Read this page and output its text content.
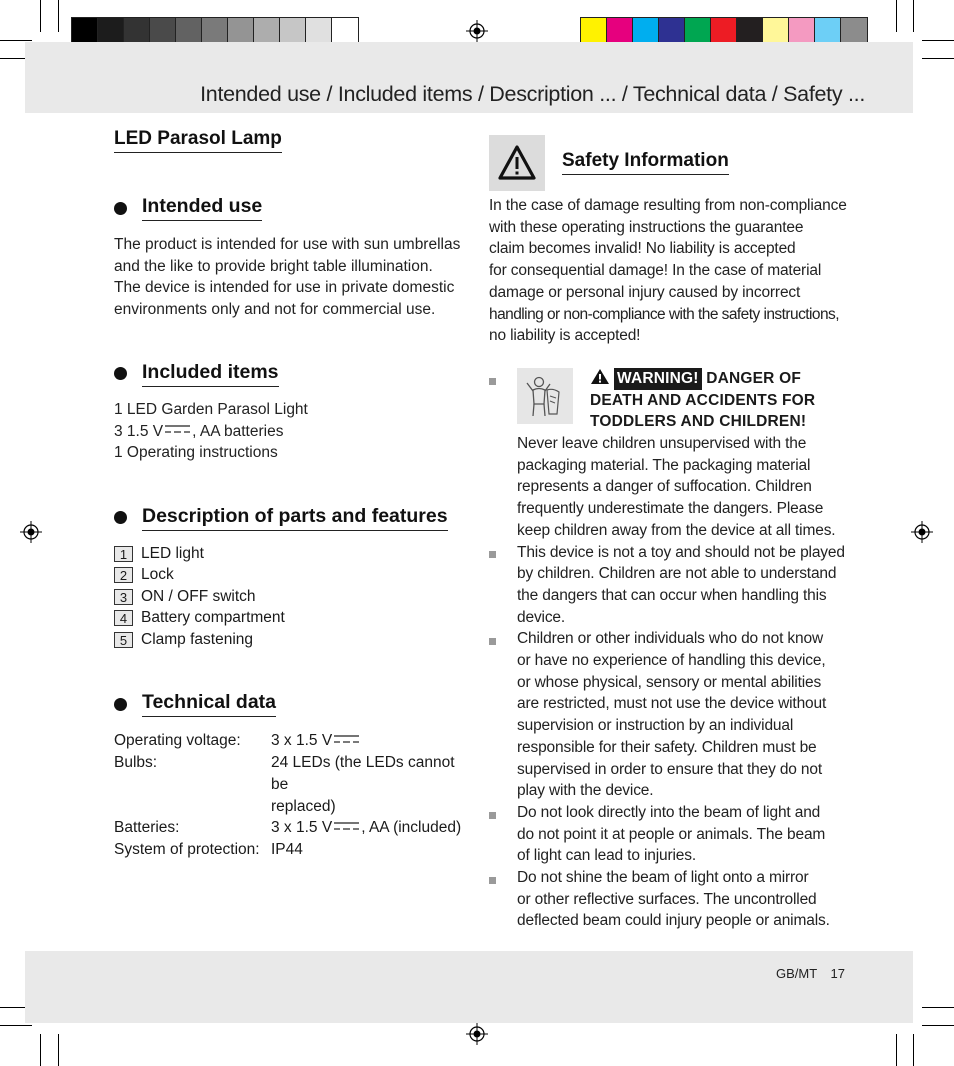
Intended use / Included items / Description ... / Technical data / Safety ...
LED Parasol Lamp
Intended use
The product is intended for use with sun umbrellas
and the like to provide bright table illumination.
The device is intended for use in private domestic
environments only and not for commercial use.
Included items
1 LED Garden Parasol Light
3 1.5 V , AA batteries
1 Operating instructions
Description of parts and features
1 LED light
2 Lock
3 ON / OFF switch
4 Battery compartment
5 Clamp fastening
Technical data
Operating voltage:	3 x 1.5 V
Bulbs:	24 LEDs (the LEDs cannot be
replaced)
Batteries:	3 x 1.5 V , AA (included)
System of protection: IP44
Safety Information
In the case of damage resulting from non-compliance
with these operating instructions the guarantee
claim becomes invalid! No liability is accepted
for consequential damage! In the case of material
damage or personal injury caused by incorrect
handling or non-compliance with the safety instructions,
no liability is accepted!
WARNING! DANGER OF
DEATH AND ACCIDENTS FOR
TODDLERS AND CHILDREN!
Never leave children unsupervised with the
packaging material. The packaging material
represents a danger of suffocation. Children
frequently underestimate the dangers. Please
keep children away from the device at all times.
This device is not a toy and should not be played
by children. Children are not able to understand
the dangers that can occur when handling this
device.
Children or other individuals who do not know
or have no experience of handling this device,
or whose physical, sensory or mental abilities
are restricted, must not use the device without
supervision or instruction by an individual
responsible for their safety. Children must be
supervised in order to ensure that they do not
play with the device.
Do not look directly into the beam of light and
do not point it at people or animals. The beam
of light can lead to injuries.
Do not shine the beam of light onto a mirror
or other reflective surfaces. The uncontrolled
deflected beam could injury people or animals.
GB/MT 17
